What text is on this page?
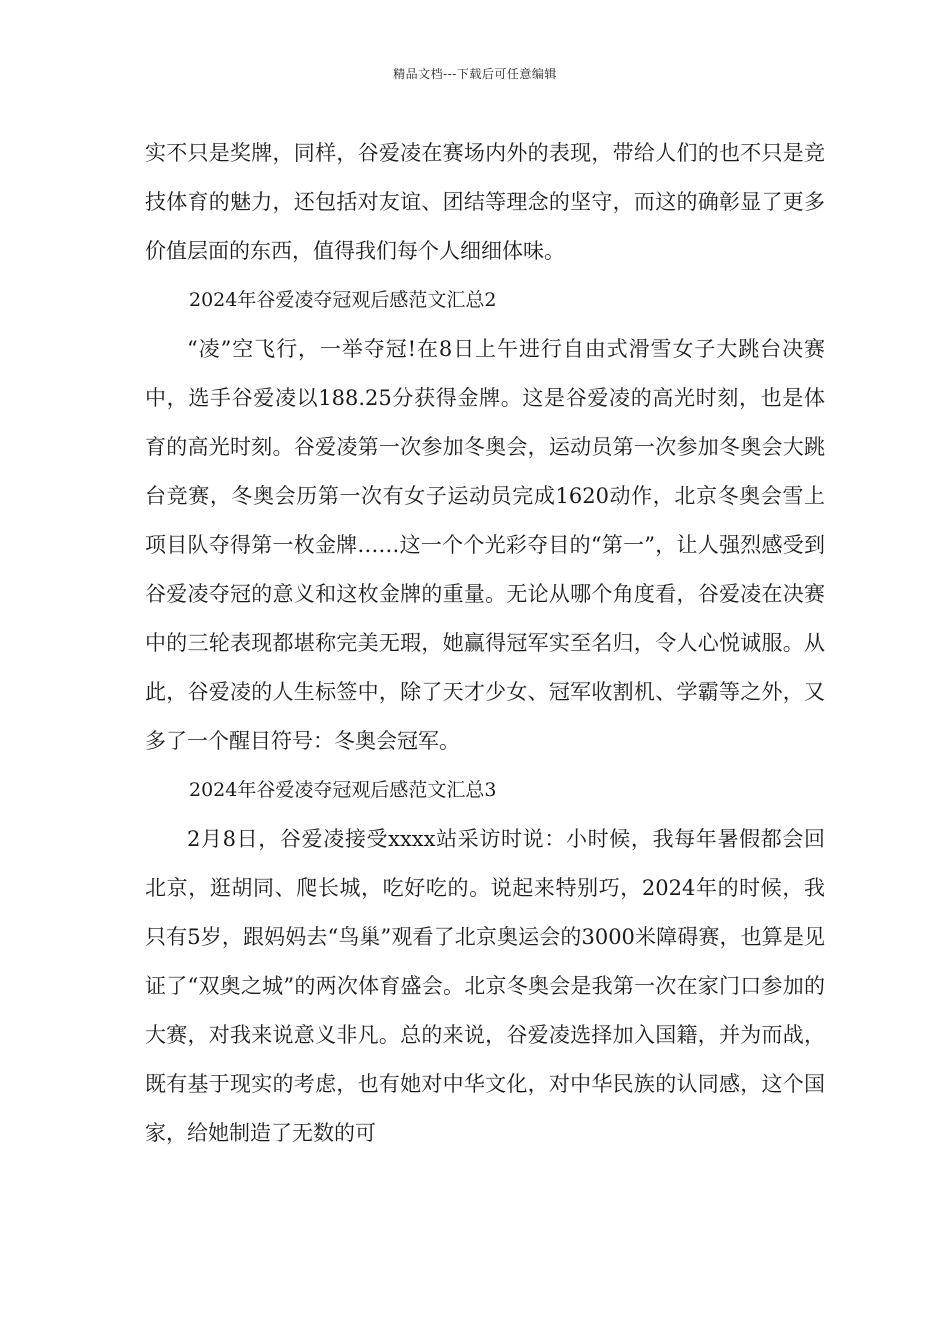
精品文档---下载后可任意编辑

实不只是奖牌，同样，谷爱凌在赛场内外的表现，带给人们的也不只是竞技体育的魅力，还包括对友谊、团结等理念的坚守，而这的确彰显了更多价值层面的东西，值得我们每个人细细体味。

2024年谷爱凌夺冠观后感范文汇总2

“凌”空飞行，一举夺冠!在8日上午进行自由式滑雪女子大跳台决赛中，选手谷爱凌以188.25分获得金牌。这是谷爱凌的高光时刻，也是体育的高光时刻。谷爱凌第一次参加冬奥会，运动员第一次参加冬奥会大跳台竞赛，冬奥会历第一次有女子运动员完成1620动作，北京冬奥会雪上项目队夺得第一枚金牌……这一个个光彩夺目的“第一”，让人强烈感受到谷爱凌夺冠的意义和这枚金牌的重量。无论从哪个角度看，谷爱凌在决赛中的三轮表现都堪称完美无瑕，她赢得冠军实至名归，令人心悦诚服。从此，谷爱凌的人生标签中，除了天才少女、冠军收割机、学霸等之外，又多了一个醒目符号：冬奥会冠军。

2024年谷爱凌夺冠观后感范文汇总3

2月8日，谷爱凌接受xxxx站采访时说：小时候，我每年暑假都会回北京，逛胡同、爬长城，吃好吃的。说起来特别巧，2024年的时候，我只有5岁，跟妈妈去“鸟巢”观看了北京奥运会的3000米障碍赛，也算是见证了“双奥之城”的两次体育盛会。北京冬奥会是我第一次在家门口参加的大赛，对我来说意义非凡。总的来说，谷爱凌选择加入国籍，并为而战，既有基于现实的考虑，也有她对中华文化，对中华民族的认同感，这个国家，给她制造了无数的可
